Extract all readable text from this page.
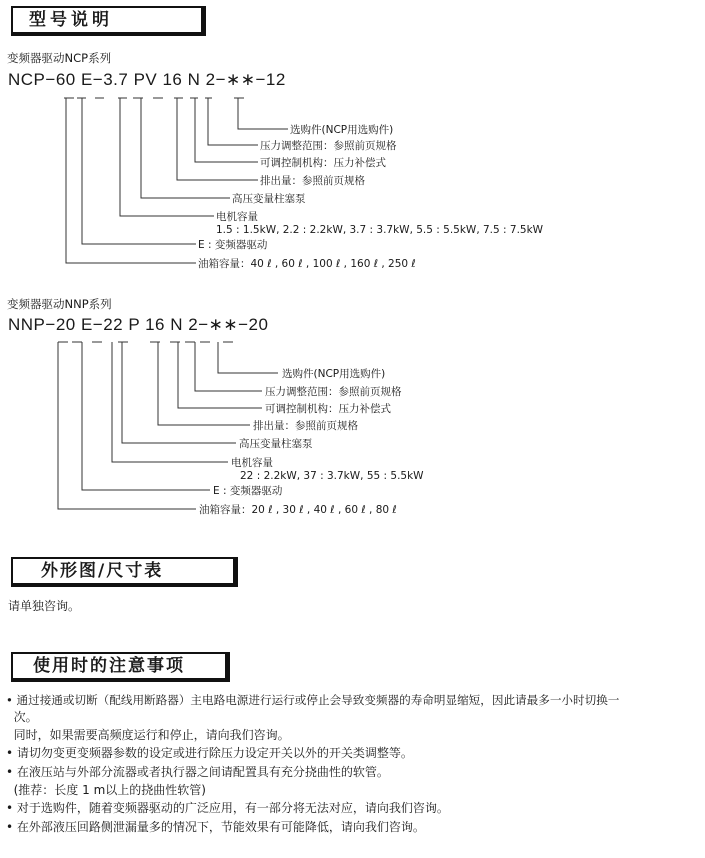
型号说明
变频器驱动NCP系列
NCP−60 E−3.7 PV 16 N 2−∗∗−12
选购件(NCP用选购件)
压力调整范围：参照前页规格
可调控制机构：压力补偿式
排出量：参照前页规格
高压变量柱塞泵
电机容量
1.5 : 1.5kW, 2.2 : 2.2kW, 3.7 : 3.7kW, 5.5 : 5.5kW, 7.5 : 7.5kW
E : 变频器驱动
油箱容量：40 ℓ , 60 ℓ , 100 ℓ , 160 ℓ , 250 ℓ
变频器驱动NNP系列
NNP−20 E−22 P 16 N 2−∗∗−20
选购件(NCP用选购件)
压力调整范围：参照前页规格
可调控制机构：压力补偿式
排出量：参照前页规格
高压变量柱塞泵
电机容量
22 : 2.2kW, 37 : 3.7kW, 55 : 5.5kW
E : 变频器驱动
油箱容量：20 ℓ , 30 ℓ , 40 ℓ , 60 ℓ , 80 ℓ
外形图/尺寸表
请单独咨询。
使用时的注意事项
• 通过接通或切断（配线用断路器）主电路电源进行运行或停止会导致变频器的寿命明显缩短，因此请最多一小时切换一
次。
同时，如果需要高频度运行和停止，请向我们咨询。
• 请切勿变更变频器参数的设定或进行除压力设定开关以外的开关类调整等。
• 在液压站与外部分流器或者执行器之间请配置具有充分挠曲性的软管。
(推荐：长度 1 m以上的挠曲性软管)
• 对于选购件，随着变频器驱动的广泛应用，有一部分将无法对应，请向我们咨询。
• 在外部液压回路侧泄漏量多的情况下，节能效果有可能降低，请向我们咨询。
